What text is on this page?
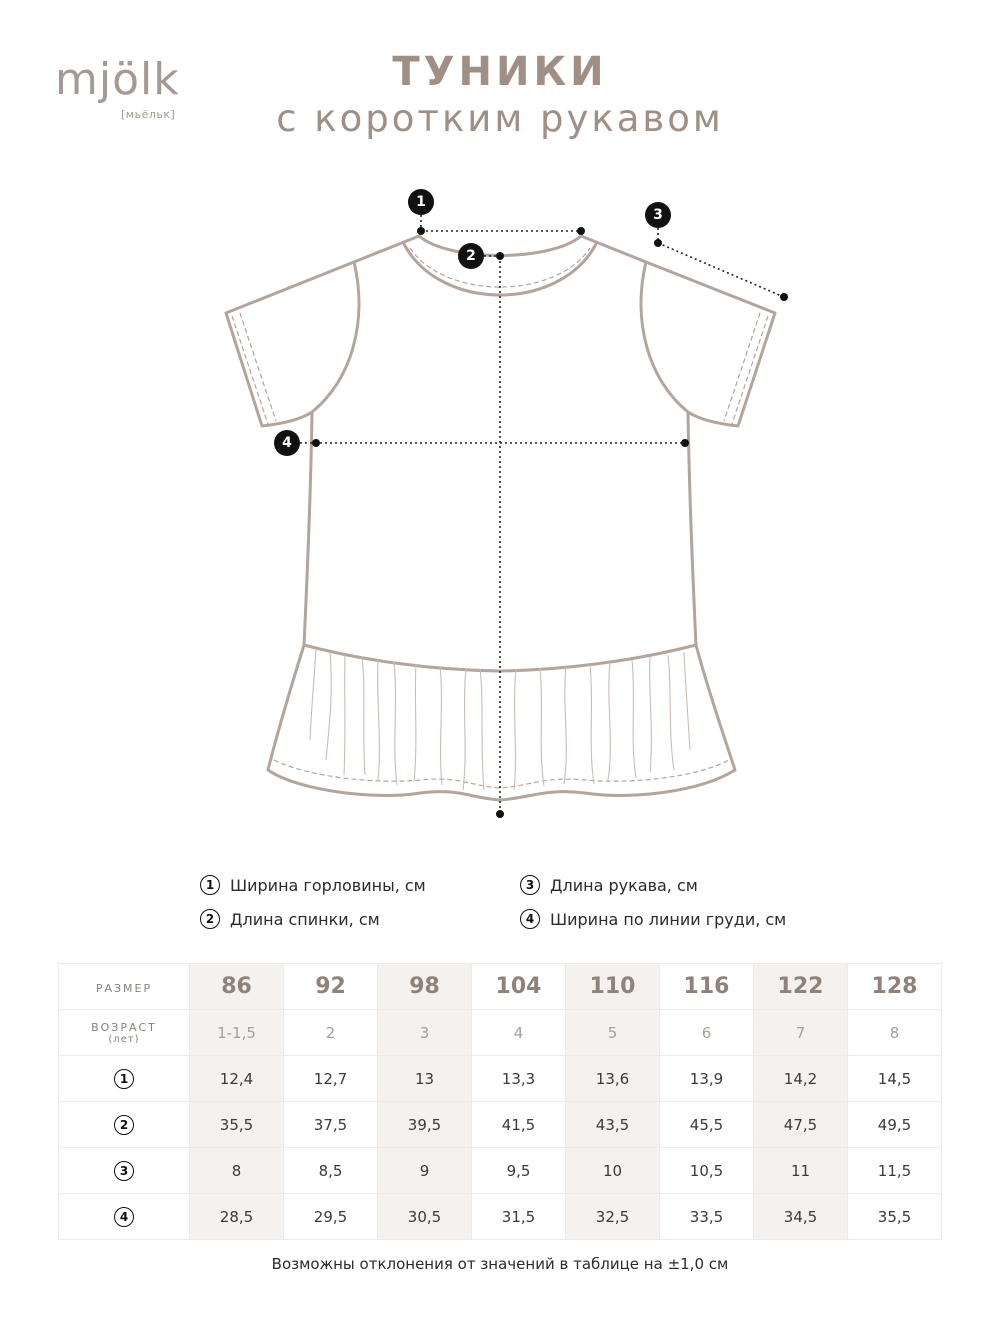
mjölk
[мьёльк]
ТУНИКИ
с коротким рукавом
1
2
3
4
1 Ширина горловины, см
2 Длина спинки, см
3 Длина рукава, см
4 Ширина по линии груди, см
РАЗМЕР	86	92	98	104	110	116	122	128

ВОЗРАСТ
(лет)	1-1,5	2	3	4	5	6	7	8
1	12,4	12,7	13	13,3	13,6	13,9	14,2	14,5
2	35,5	37,5	39,5	41,5	43,5	45,5	47,5	49,5
3	8	8,5	9	9,5	10	10,5	11	11,5
4	28,5	29,5	30,5	31,5	32,5	33,5	34,5	35,5
Возможны отклонения от значений в таблице на ±1,0 см
